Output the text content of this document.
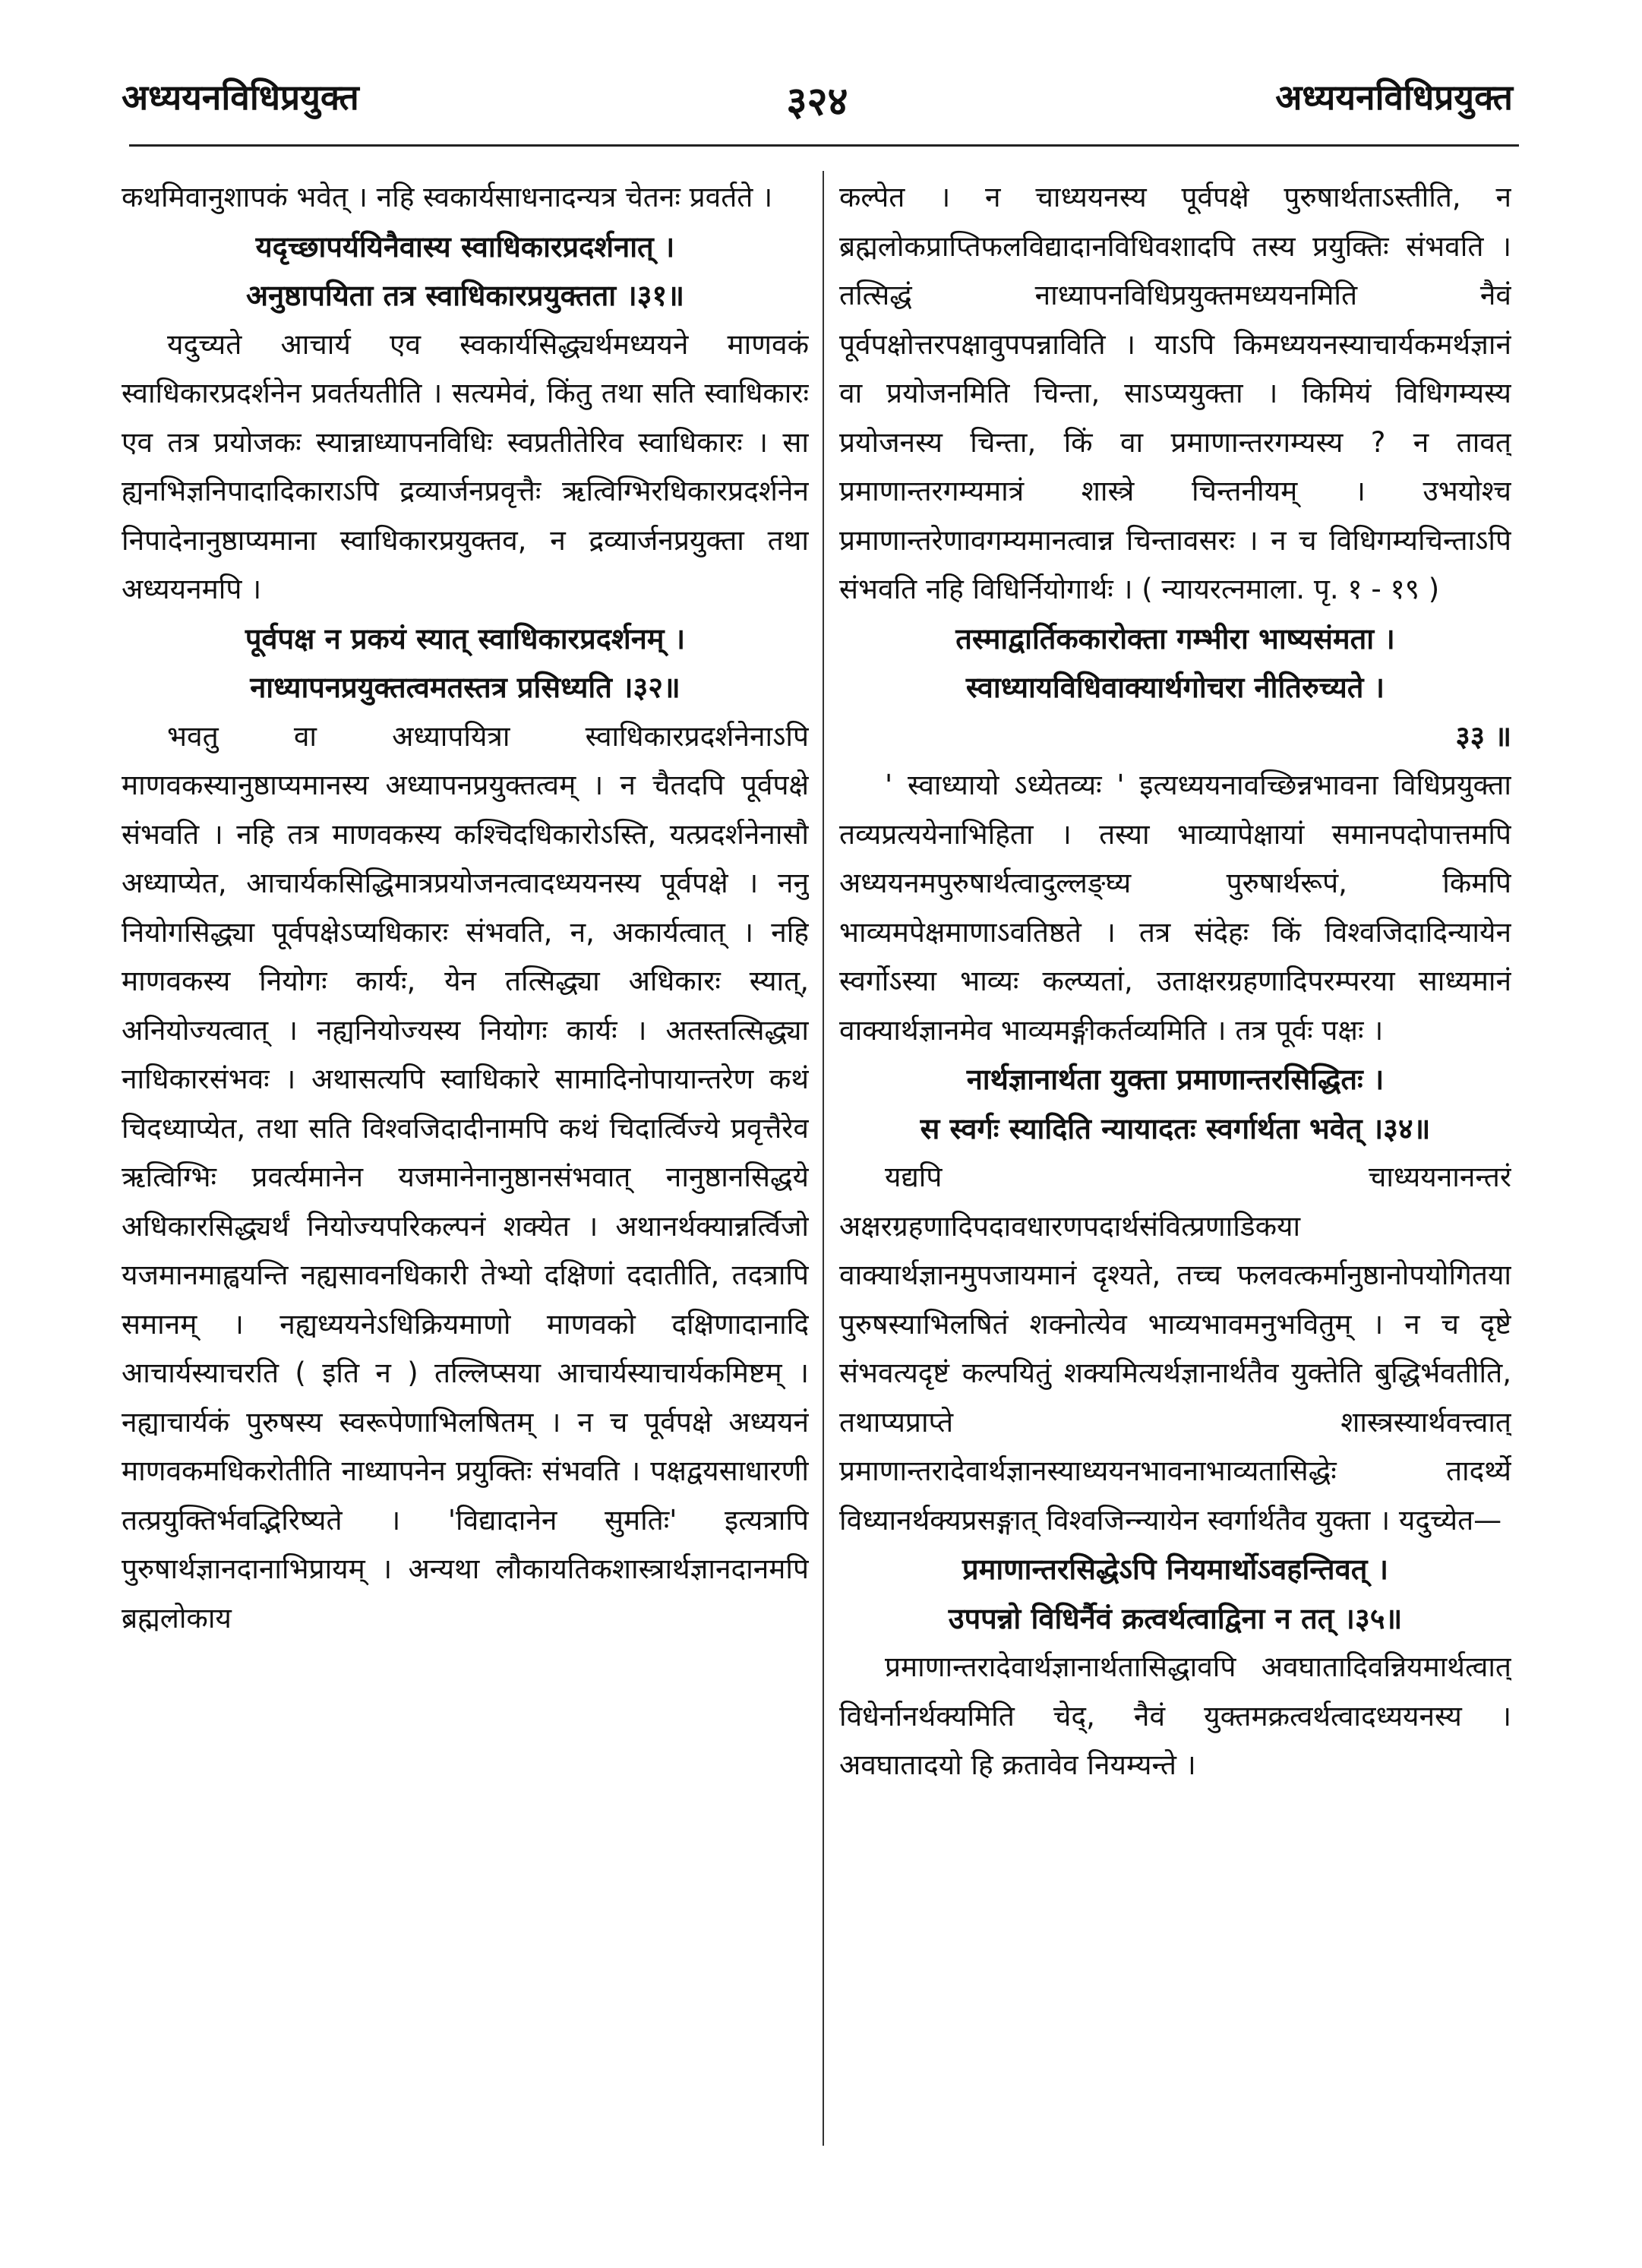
अध्ययनविधिप्रयुक्त	३२४	अध्ययनविधिप्रयुक्त

कथमिवानुशापकं भवेत् । नहि स्वकार्यसाधनादन्यत्र चेतनः प्रवर्तते ।

यदृच्छापर्ययिनैवास्य स्वाधिकारप्रदर्शनात् ।

अनुष्ठापयिता तत्र स्वाधिकारप्रयुक्तता ।३१॥

यदुच्यते आचार्य एव स्वकार्यसिद्ध्यर्थमध्ययने माणवकं स्वाधिकारप्रदर्शनेन प्रवर्तयतीति । सत्यमेवं, किंतु तथा सति स्वाधिकारः एव तत्र प्रयोजकः स्यान्नाध्यापनविधिः स्वप्रतीतेरिव स्वाधिकारः । सा ह्यनभिज्ञनिपादादिकाराऽपि द्रव्यार्जनप्रवृत्तैः ऋत्विग्भिरधिकारप्रदर्शनेन निपादेनानुष्ठाप्यमाना स्वाधिकारप्रयुक्तव, न द्रव्यार्जनप्रयुक्ता तथा अध्ययनमपि ।

पूर्वपक्ष न प्रकयं स्यात् स्वाधिकारप्रदर्शनम् ।

नाध्यापनप्रयुक्तत्वमतस्तत्र प्रसिध्यति ।३२॥

भवतु वा अध्यापयित्रा स्वाधिकारप्रदर्शनेनाऽपि माणवकस्यानुष्ठाप्यमानस्य अध्यापनप्रयुक्तत्वम् । न चैतदपि पूर्वपक्षे संभवति । नहि तत्र माणवकस्य कश्चिदधिकारोऽस्ति, यत्प्रदर्शनेनासौ अध्याप्येत, आचार्यकसिद्धिमात्रप्रयोजनत्वादध्ययनस्य पूर्वपक्षे । ननु नियोगसिद्ध्या पूर्वपक्षेऽप्यधिकारः संभवति, न, अकार्यत्वात् । नहि माणवकस्य नियोगः कार्यः, येन तत्सिद्ध्या अधिकारः स्यात्, अनियोज्यत्वात् । नह्यनियोज्यस्य नियोगः कार्यः । अतस्तत्सिद्ध्या नाधिकारसंभवः । अथासत्यपि स्वाधिकारे सामादिनोपायान्तरेण कथं चिदध्याप्येत, तथा सति विश्वजिदादीनामपि कथं चिदार्त्विज्ये प्रवृत्तैरेव ऋत्विग्भिः प्रवर्त्यमानेन यजमानेनानुष्ठानसंभवात् नानुष्ठानसिद्धये अधिकारसिद्ध्यर्थं नियोज्यपरिकल्पनं शक्येत । अथानर्थक्यान्नर्त्विजो यजमानमाह्वयन्ति नह्यसावनधिकारी तेभ्यो दक्षिणां ददातीति, तदत्रापि समानम् । नह्यध्ययनेऽधिक्रियमाणो माणवको दक्षिणादानादि आचार्यस्याचरति ( इति न ) तल्लिप्सया आचार्यस्याचार्यकमिष्टम् । नह्याचार्यकं पुरुषस्य स्वरूपेणाभिलषितम् । न च पूर्वपक्षे अध्ययनं माणवकमधिकरोतीति नाध्यापनेन प्रयुक्तिः संभवति । पक्षद्वयसाधारणी तत्प्रयुक्तिर्भवद्भिरिष्यते । 'विद्यादानेन सुमतिः' इत्यत्रापि पुरुषार्थज्ञानदानाभिप्रायम् । अन्यथा लौकायतिकशास्त्रार्थज्ञानदानमपि ब्रह्मलोकाय

कल्पेत । न चाध्ययनस्य पूर्वपक्षे पुरुषार्थताऽस्तीति, न ब्रह्मलोकप्राप्तिफलविद्यादानविधिवशादपि तस्य प्रयुक्तिः संभवति । तत्सिद्धं नाध्यापनविधिप्रयुक्तमध्ययनमिति नैवं पूर्वपक्षोत्तरपक्षावुपपन्नाविति । याऽपि किमध्ययनस्याचार्यकमर्थज्ञानं वा प्रयोजनमिति चिन्ता, साऽप्ययुक्ता । किमियं विधिगम्यस्य प्रयोजनस्य चिन्ता, किं वा प्रमाणान्तरगम्यस्य ? न तावत् प्रमाणान्तरगम्यमात्रं शास्त्रे चिन्तनीयम् । उभयोश्च प्रमाणान्तरेणावगम्यमानत्वान्न चिन्तावसरः । न च विधिगम्यचिन्ताऽपि संभवति नहि विधिर्नियोगार्थः । ( न्यायरत्नमाला. पृ. १ - १९ )

तस्माद्वार्तिककारोक्ता गम्भीरा भाष्यसंमता ।

स्वाध्यायविधिवाक्यार्थगोचरा नीतिरुच्यते ।

३३ ॥

' स्वाध्यायो ऽध्येतव्यः ' इत्यध्ययनावच्छिन्नभावना विधिप्रयुक्ता तव्यप्रत्ययेनाभिहिता । तस्या भाव्यापेक्षायां समानपदोपात्तमपि अध्ययनमपुरुषार्थत्वादुल्लङ्घ्य पुरुषार्थरूपं, किमपि भाव्यमपेक्षमाणाऽवतिष्ठते । तत्र संदेहः किं विश्वजिदादिन्यायेन स्वर्गोऽस्या भाव्यः कल्प्यतां, उताक्षरग्रहणादिपरम्परया साध्यमानं वाक्यार्थज्ञानमेव भाव्यमङ्गीकर्तव्यमिति । तत्र पूर्वः पक्षः ।

नार्थज्ञानार्थता युक्ता प्रमाणान्तरसिद्धितः ।

स स्वर्गः स्यादिति न्यायादतः स्वर्गार्थता भवेत् ।३४॥

यद्यपि चाध्ययनानन्तरं अक्षरग्रहणादिपदावधारणपदार्थसंवित्प्रणाडिकया वाक्यार्थज्ञानमुपजायमानं दृश्यते, तच्च फलवत्कर्मानुष्ठानोपयोगितया पुरुषस्याभिलषितं शक्नोत्येव भाव्यभावमनुभवितुम् । न च दृष्टे संभवत्यदृष्टं कल्पयितुं शक्यमित्यर्थज्ञानार्थतैव युक्तेति बुद्धिर्भवतीति, तथाप्यप्राप्ते शास्त्रस्यार्थवत्त्वात् प्रमाणान्तरादेवार्थज्ञानस्याध्ययनभावनाभाव्यतासिद्धेः तादर्थ्ये विध्यानर्थक्यप्रसङ्गात् विश्वजिन्न्यायेन स्वर्गार्थतैव युक्ता । यदुच्येत—

प्रमाणान्तरसिद्धेऽपि नियमार्थोऽवहन्तिवत् ।

उपपन्नो विधिर्नैवं क्रत्वर्थत्वाद्विना न तत् ।३५॥

प्रमाणान्तरादेवार्थज्ञानार्थतासिद्धावपि अवघातादिवन्नियमार्थत्वात् विधेर्नानर्थक्यमिति चेद्, नैवं युक्तमक्रत्वर्थत्वादध्ययनस्य । अवघातादयो हि क्रतावेव नियम्यन्ते ।
